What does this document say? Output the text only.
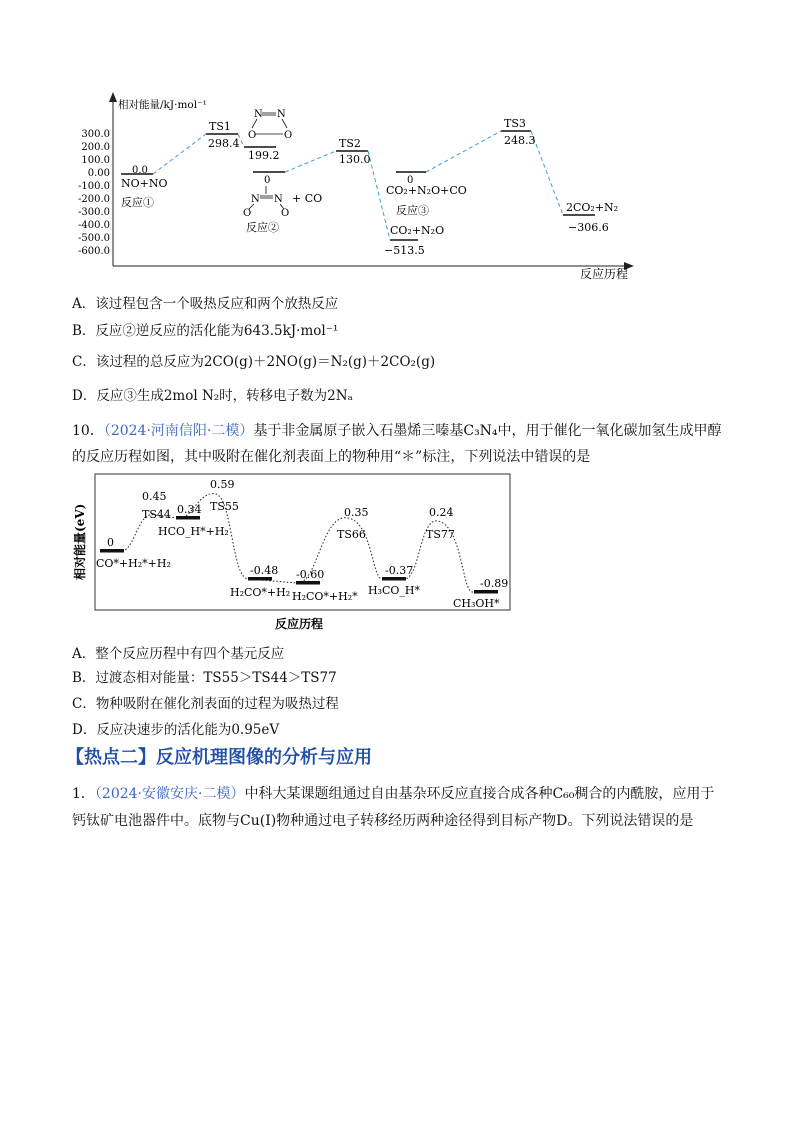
相对能量/kJ·mol⁻¹
反应历程
300.0
200.0
100.0
0.00
-100.0
-200.0
-300.0
-400.0
-500.0
-600.0
0.0
NO+NO
反应①
TS1
298.4
199.2
0
+ CO
反应②
TS2
130.0
CO₂+N₂O
−513.5
0
CO₂+N₂O+CO
反应③
TS3
248.3
2CO₂+N₂
−306.6
N N
O	O
N N
O	O
A．该过程包含一个吸热反应和两个放热反应
B．反应②逆反应的活化能为643.5kJ·mol⁻¹
C．该过程的总反应为2CO(g)＋2NO(g)＝N₂(g)＋2CO₂(g)
D．反应③生成2mol N₂时，转移电子数为2Nₐ
10．（2024·河南信阳·二模）基于非金属原子嵌入石墨烯三嗪基C₃N₄中，用于催化一氧化碳加氢生成甲醇
的反应历程如图，其中吸附在催化剂表面上的物种用“＊”标注，下列说法中错误的是
相对能量(eV)
反应历程
0
CO*+H₂*+H₂
0.45
TS44 0.34
HCO_H*+H₂
0.59
TS55
-0.48
H₂CO*+H₂
-0.60
H₂CO*+H₂*
0.35
TS66
-0.37
H₃CO_H*
0.24
TS77
-0.89
CH₃OH*
A．整个反应历程中有四个基元反应
B．过渡态相对能量：TS55＞TS44＞TS77
C．物种吸附在催化剂表面的过程为吸热过程
D．反应决速步的活化能为0.95eV
【热点二】反应机理图像的分析与应用
1．（2024·安徽安庆·二模）中科大某课题组通过自由基杂环反应直接合成各种C₆₀稠合的内酰胺，应用于
钙钛矿电池器件中。底物与Cu(Ⅰ)物种通过电子转移经历两种途径得到目标产物D。下列说法错误的是
